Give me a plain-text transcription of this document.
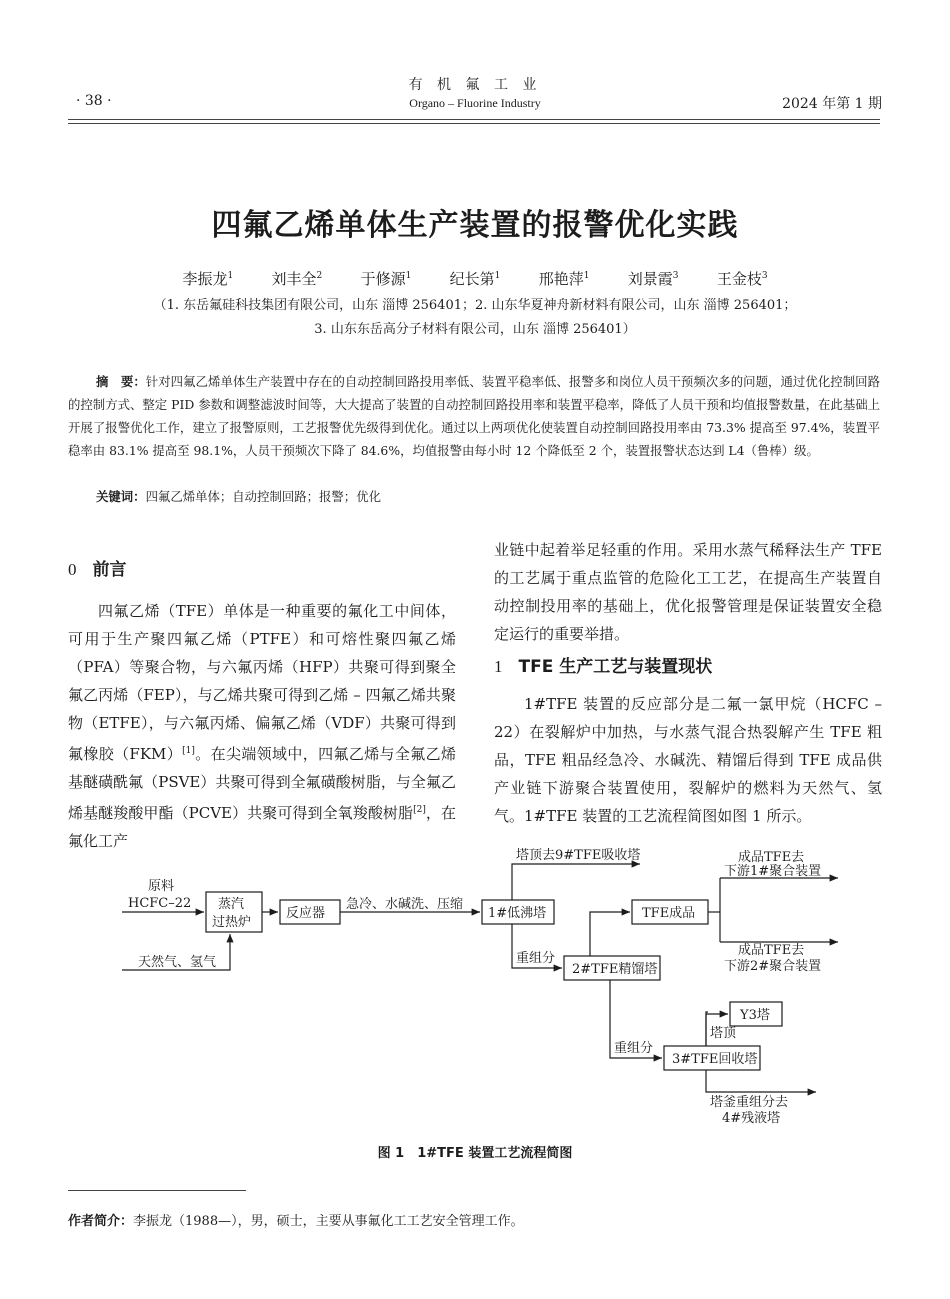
有 机 氟 工 业
Organo – Fluorine Industry
· 38 ·	2024 年第 1 期
四氟乙烯单体生产装置的报警优化实践
李振龙$^1$	刘丰全$^2$	于修源$^1$	纪长第$^1$	邢艳萍$^1$	刘景霞$^3$	王金枝$^3$
（1. 东岳氟硅科技集团有限公司，山东 淄博 256401；2. 山东华夏神舟新材料有限公司，山东 淄博 256401；
3. 山东东岳高分子材料有限公司，山东 淄博 256401）
摘　要：针对四氟乙烯单体生产装置中存在的自动控制回路投用率低、装置平稳率低、报警多和岗位人员干预频次多的问题，通过优化控制回路的控制方式、整定 PID 参数和调整滤波时间等，大大提高了装置的自动控制回路投用率和装置平稳率，降低了人员干预和均值报警数量，在此基础上开展了报警优化工作，建立了报警原则，工艺报警优先级得到优化。通过以上两项优化使装置自动控制回路投用率由 73.3% 提高至 97.4%，装置平稳率由 83.1% 提高至 98.1%，人员干预频次下降了 84.6%，均值报警由每小时 12 个降低至 2 个，装置报警状态达到 L4（鲁棒）级。
关键词：四氟乙烯单体；自动控制回路；报警；优化
0 前言
四氟乙烯（TFE）单体是一种重要的氟化工中间体，可用于生产聚四氟乙烯（PTFE）和可熔性聚四氟乙烯（PFA）等聚合物，与六氟丙烯（HFP）共聚可得到聚全氟乙丙烯（FEP），与乙烯共聚可得到乙烯 – 四氟乙烯共聚物（ETFE），与六氟丙烯、偏氟乙烯（VDF）共聚可得到氟橡胶（FKM）[1]。在尖端领域中，四氟乙烯与全氟乙烯基醚磺酰氟（PSVE）共聚可得到全氟磺酸树脂，与全氟乙烯基醚羧酸甲酯（PCVE）共聚可得到全氧羧酸树脂[2]，在氟化工产
业链中起着举足轻重的作用。采用水蒸气稀释法生产 TFE 的工艺属于重点监管的危险化工工艺，在提高生产装置自动控制投用率的基础上，优化报警管理是保证装置安全稳定运行的重要举措。
1 TFE 生产工艺与装置现状
1#TFE 装置的反应部分是二氟一氯甲烷（HCFC – 22）在裂解炉中加热，与水蒸气混合热裂解产生 TFE 粗品，TFE 粗品经急冷、水碱洗、精馏后得到 TFE 成品供产业链下游聚合装置使用，裂解炉的燃料为天然气、氢气。1#TFE 装置的工艺流程简图如图 1 所示。
原料
HCFC–22
天然气、氢气
蒸汽
过热炉
反应器
急冷、水碱洗、压缩
1#低沸塔
塔顶去9#TFE吸收塔
重组分
2#TFE精馏塔
TFE成品
成品TFE去
下游1#聚合装置
成品TFE去
下游2#聚合装置
重组分
3#TFE回收塔
Y3塔
塔顶
塔釜重组分去
4#残液塔
图 1　1#TFE 装置工艺流程简图
作者简介：李振龙（1988—），男，硕士，主要从事氟化工工艺安全管理工作。
